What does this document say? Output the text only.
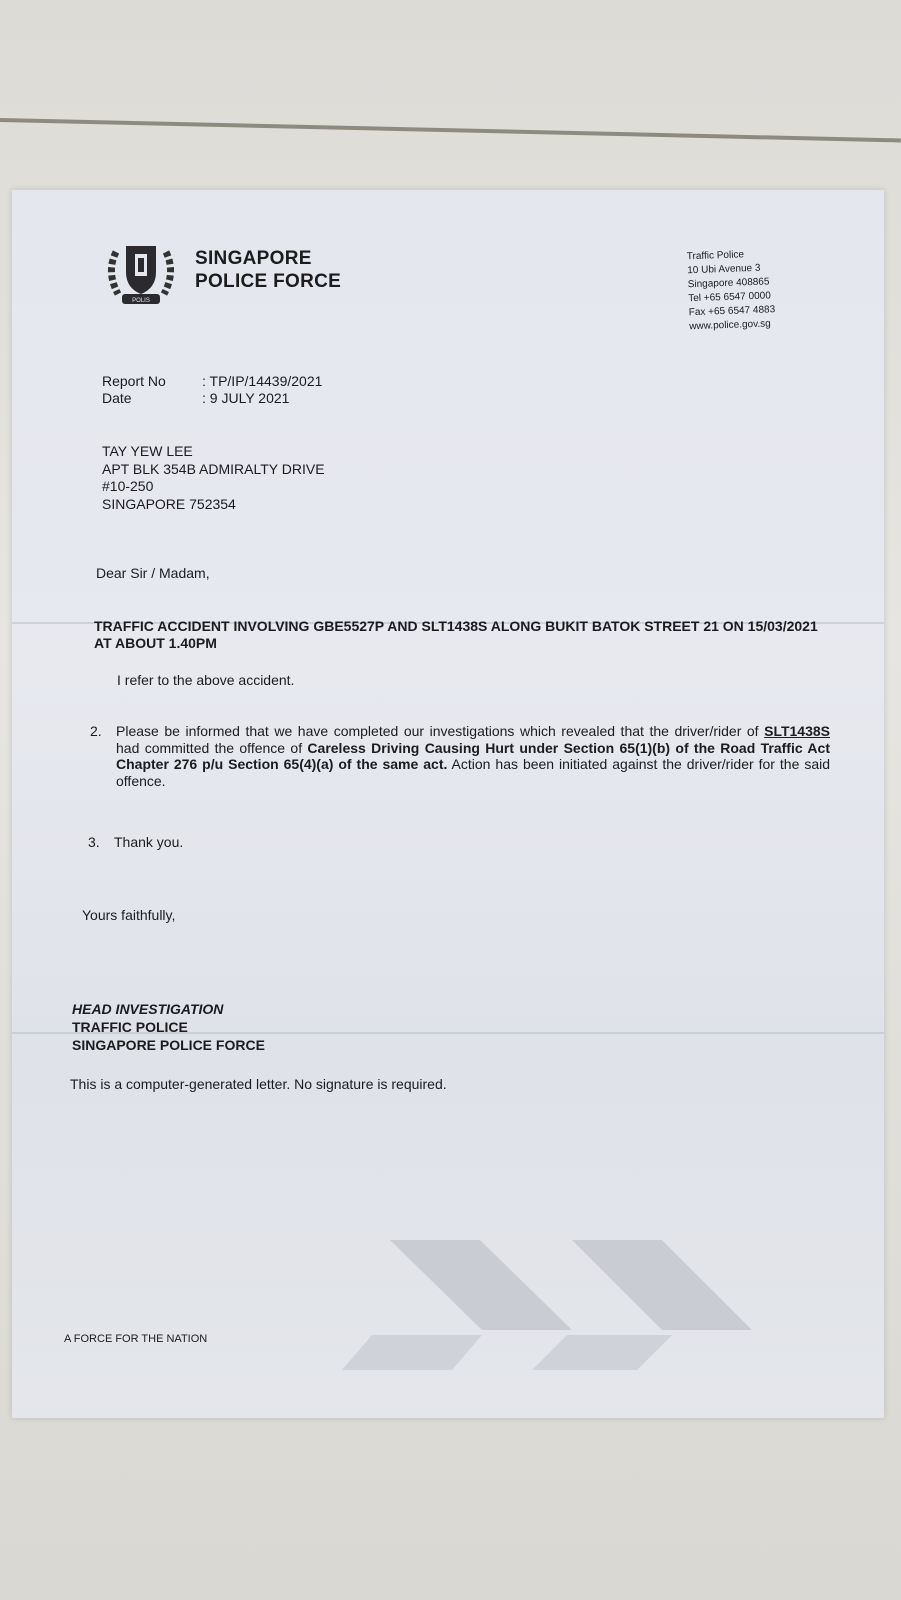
POLIS
SINGAPORE
POLICE FORCE
Traffic Police
10 Ubi Avenue 3
Singapore 408865
Tel +65 6547 0000
Fax +65 6547 4883
www.police.gov.sg
Report No	: TP/IP/14439/2021
Date	: 9 JULY 2021
TAY YEW LEE
APT BLK 354B ADMIRALTY DRIVE
#10-250
SINGAPORE 752354
Dear Sir / Madam,
TRAFFIC ACCIDENT INVOLVING GBE5527P AND SLT1438S ALONG BUKIT BATOK STREET 21 ON 15/03/2021 AT ABOUT 1.40PM
I refer to the above accident.
2.	Please be informed that we have completed our investigations which revealed that the driver/rider of SLT1438S had committed the offence of Careless Driving Causing Hurt under Section 65(1)(b) of the Road Traffic Act Chapter 276 p/u Section 65(4)(a) of the same act. Action has been initiated against the driver/rider for the said offence.
3.	Thank you.
Yours faithfully,
HEAD INVESTIGATION
TRAFFIC POLICE
SINGAPORE POLICE FORCE
This is a computer-generated letter. No signature is required.
A FORCE FOR THE NATION
